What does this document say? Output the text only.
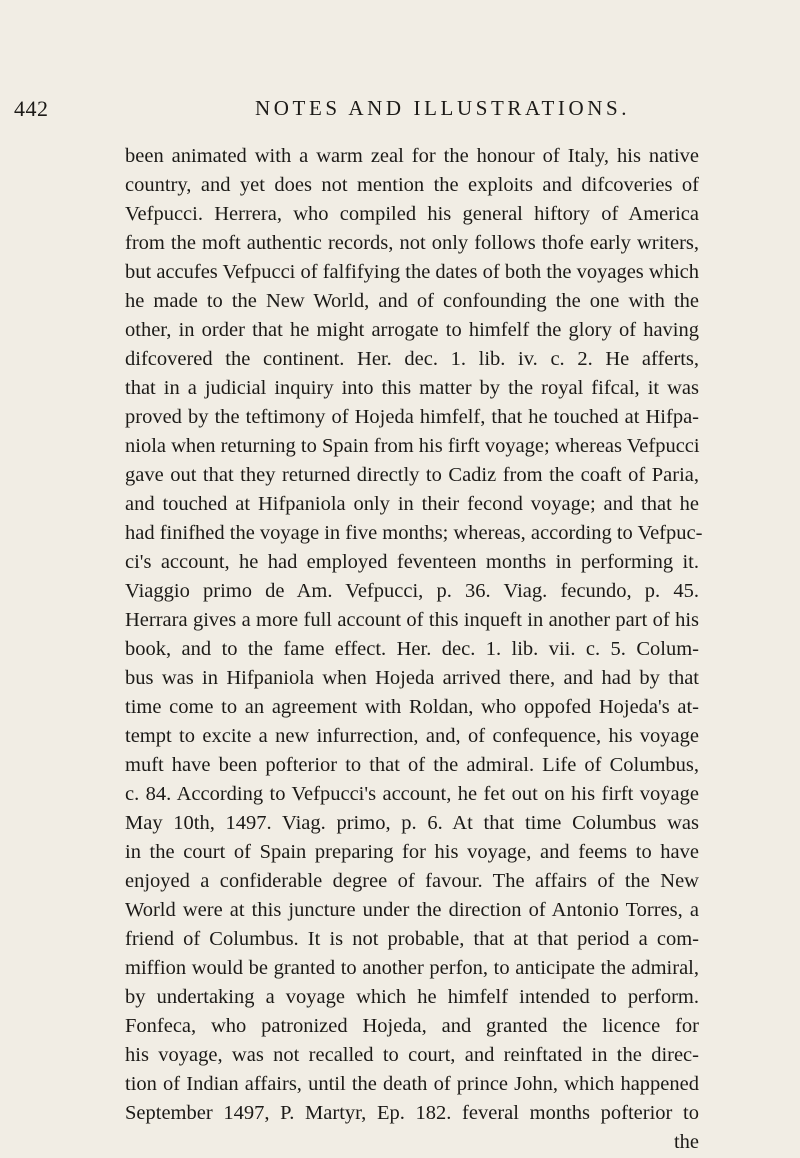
442	NOTES AND ILLUSTRATIONS.
been animated with a warm zeal for the honour of Italy, his native
country, and yet does not mention the exploits and difcoveries of
Vefpucci. Herrera, who compiled his general hiftory of America
from the moft authentic records, not only follows thofe early writers,
but accufes Vefpucci of falfifying the dates of both the voyages which
he made to the New World, and of confounding the one with the
other, in order that he might arrogate to himfelf the glory of having
difcovered the continent. Her. dec. 1. lib. iv. c. 2. He afferts,
that in a judicial inquiry into this matter by the royal fifcal, it was
proved by the teftimony of Hojeda himfelf, that he touched at Hifpa-
niola when returning to Spain from his firft voyage; whereas Vefpucci
gave out that they returned directly to Cadiz from the coaft of Paria,
and touched at Hifpaniola only in their fecond voyage; and that he
had finifhed the voyage in five months; whereas, according to Vefpuc-
ci's account, he had employed feventeen months in performing it.
Viaggio primo de Am. Vefpucci, p. 36. Viag. fecundo, p. 45.
Herrara gives a more full account of this inqueft in another part of his
book, and to the fame effect. Her. dec. 1. lib. vii. c. 5. Colum-
bus was in Hifpaniola when Hojeda arrived there, and had by that
time come to an agreement with Roldan, who oppofed Hojeda's at-
tempt to excite a new infurrection, and, of confequence, his voyage
muft have been pofterior to that of the admiral. Life of Columbus,
c. 84. According to Vefpucci's account, he fet out on his firft voyage
May 10th, 1497. Viag. primo, p. 6. At that time Columbus was
in the court of Spain preparing for his voyage, and feems to have
enjoyed a confiderable degree of favour. The affairs of the New
World were at this juncture under the direction of Antonio Torres, a
friend of Columbus. It is not probable, that at that period a com-
miffion would be granted to another perfon, to anticipate the admiral,
by undertaking a voyage which he himfelf intended to perform.
Fonfeca, who patronized Hojeda, and granted the licence for
his voyage, was not recalled to court, and reinftated in the direc-
tion of Indian affairs, until the death of prince John, which happened
September 1497, P. Martyr, Ep. 182. feveral months pofterior to
the
